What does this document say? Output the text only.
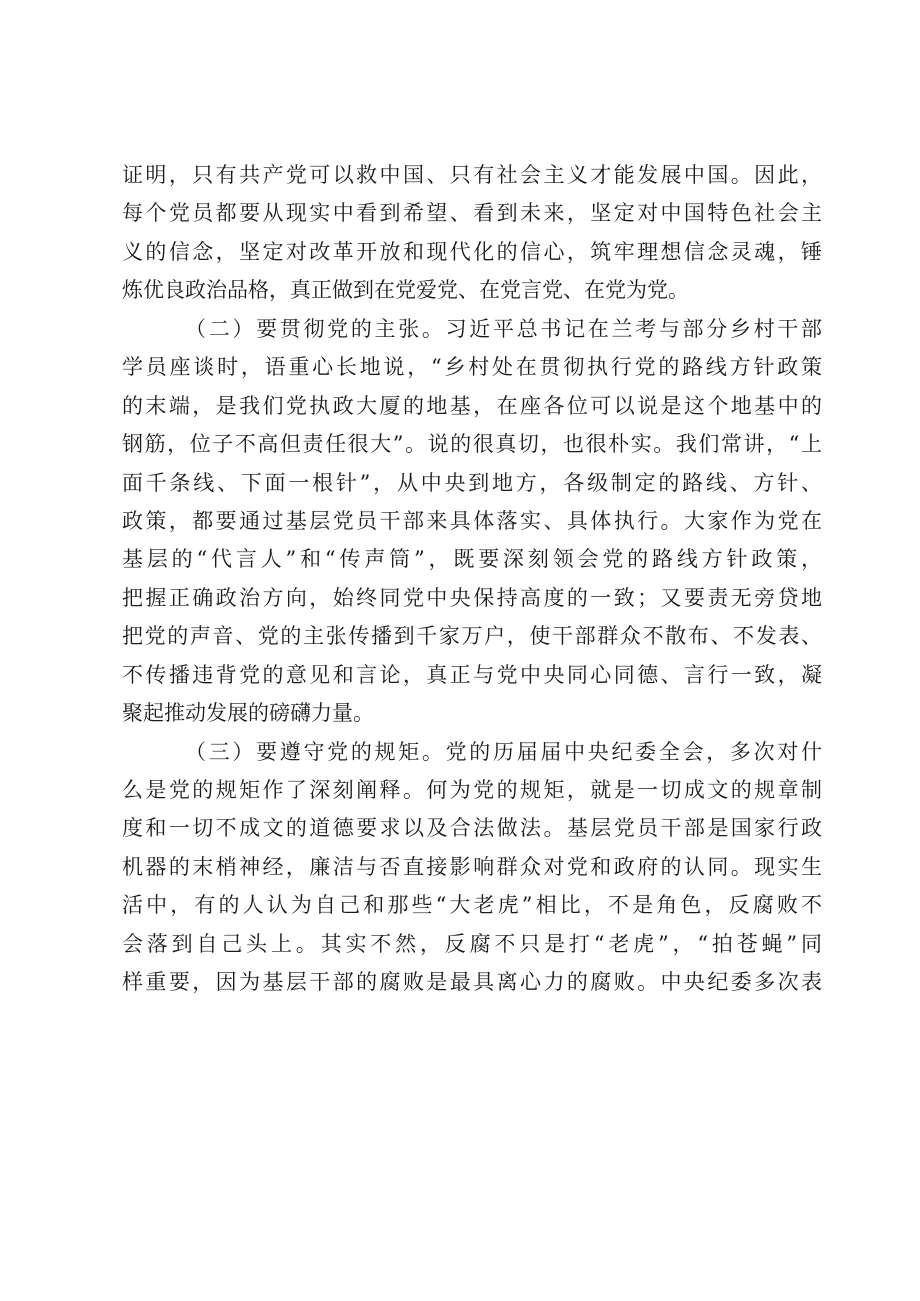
证明，只有共产党可以救中国、只有社会主义才能发展中国。因此，
每个党员都要从现实中看到希望、看到未来，坚定对中国特色社会主
义的信念，坚定对改革开放和现代化的信心，筑牢理想信念灵魂，锤
炼优良政治品格，真正做到在党爱党、在党言党、在党为党。
（二）要贯彻党的主张。习近平总书记在兰考与部分乡村干部
学员座谈时，语重心长地说，“乡村处在贯彻执行党的路线方针政策
的末端，是我们党执政大厦的地基，在座各位可以说是这个地基中的
钢筋，位子不高但责任很大”。说的很真切，也很朴实。我们常讲，“上
面千条线、下面一根针”，从中央到地方，各级制定的路线、方针、
政策，都要通过基层党员干部来具体落实、具体执行。大家作为党在
基层的“代言人”和“传声筒”，既要深刻领会党的路线方针政策，
把握正确政治方向，始终同党中央保持高度的一致；又要责无旁贷地
把党的声音、党的主张传播到千家万户，使干部群众不散布、不发表、
不传播违背党的意见和言论，真正与党中央同心同德、言行一致，凝
聚起推动发展的磅礴力量。
（三）要遵守党的规矩。党的历届届中央纪委全会，多次对什
么是党的规矩作了深刻阐释。何为党的规矩，就是一切成文的规章制
度和一切不成文的道德要求以及合法做法。基层党员干部是国家行政
机器的末梢神经，廉洁与否直接影响群众对党和政府的认同。现实生
活中，有的人认为自己和那些“大老虎”相比，不是角色，反腐败不
会落到自己头上。其实不然，反腐不只是打“老虎”，“拍苍蝇”同
样重要，因为基层干部的腐败是最具离心力的腐败。中央纪委多次表
